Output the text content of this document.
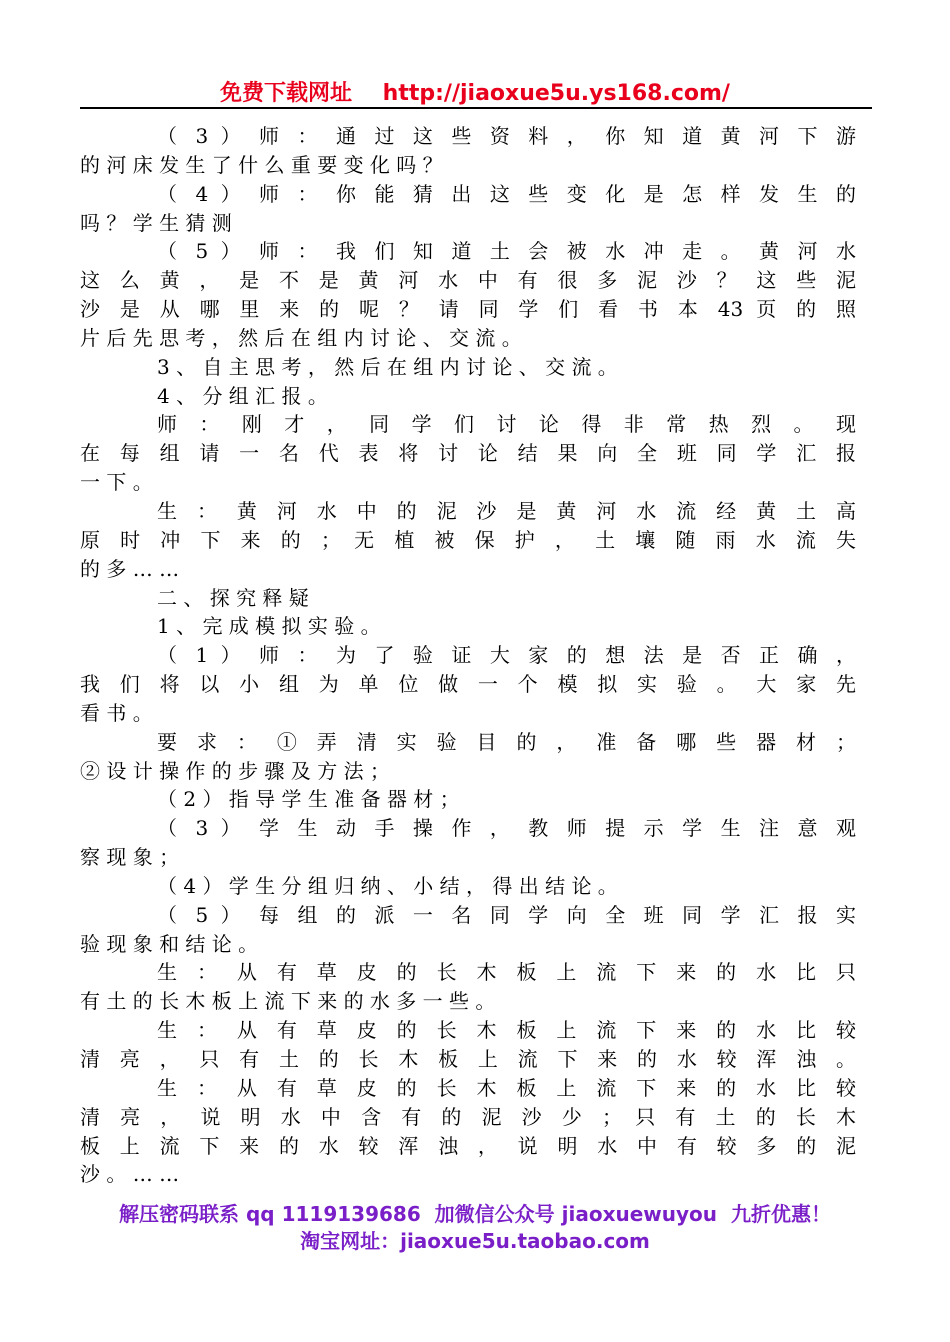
免费下载网址 http://jiaoxue5u.ys168.com/
（ 3 ） 师 ： 通 过 这 些 资 料 ， 你 知 道 黄 河 下 游
的 河 床 发 生 了 什 么 重 要 变 化 吗 ？
（ 4 ） 师 ： 你 能 猜 出 这 些 变 化 是 怎 样 发 生 的
吗 ？ 学 生 猜 测
（ 5 ） 师 ： 我 们 知 道 土 会 被 水 冲 走 。 黄 河 水
这 么 黄 ， 是 不 是 黄 河 水 中 有 很 多 泥 沙 ？ 这 些 泥
沙 是 从 哪 里 来 的 呢 ？ 请 同 学 们 看 书 本 43 页 的 照
片 后 先 思 考 ， 然 后 在 组 内 讨 论 、 交 流 。
3 、 自 主 思 考 ， 然 后 在 组 内 讨 论 、 交 流 。
4 、 分 组 汇 报 。
师 ： 刚 才 ， 同 学 们 讨 论 得 非 常 热 烈 。 现
在 每 组 请 一 名 代 表 将 讨 论 结 果 向 全 班 同 学 汇 报
一 下 。
生 ： 黄 河 水 中 的 泥 沙 是 黄 河 水 流 经 黄 土 高
原 时 冲 下 来 的 ； 无 植 被 保 护 ， 土 壤 随 雨 水 流 失
的 多 … …
二 、 探 究 释 疑
1 、 完 成 模 拟 实 验 。
（ 1 ） 师 ： 为 了 验 证 大 家 的 想 法 是 否 正 确 ，
我 们 将 以 小 组 为 单 位 做 一 个 模 拟 实 验 。 大 家 先
看 书 。
要 求 ： ① 弄 清 实 验 目 的 ， 准 备 哪 些 器 材 ；
② 设 计 操 作 的 步 骤 及 方 法 ；
（ 2 ） 指 导 学 生 准 备 器 材 ；
（ 3 ） 学 生 动 手 操 作 ， 教 师 提 示 学 生 注 意 观
察 现 象 ；
（ 4 ） 学 生 分 组 归 纳 、 小 结 ， 得 出 结 论 。
（ 5 ） 每 组 的 派 一 名 同 学 向 全 班 同 学 汇 报 实
验 现 象 和 结 论 。
生 ： 从 有 草 皮 的 长 木 板 上 流 下 来 的 水 比 只
有 土 的 长 木 板 上 流 下 来 的 水 多 一 些 。
生 ： 从 有 草 皮 的 长 木 板 上 流 下 来 的 水 比 较
清 亮 ， 只 有 土 的 长 木 板 上 流 下 来 的 水 较 浑 浊 。
生 ： 从 有 草 皮 的 长 木 板 上 流 下 来 的 水 比 较
清 亮 ， 说 明 水 中 含 有 的 泥 沙 少 ； 只 有 土 的 长 木
板 上 流 下 来 的 水 较 浑 浊 ， 说 明 水 中 有 较 多 的 泥
沙 。 … …
解压密码联系 qq 1119139686  加微信公众号 jiaoxuewuyou  九折优惠！
淘宝网址：jiaoxue5u.taobao.com
